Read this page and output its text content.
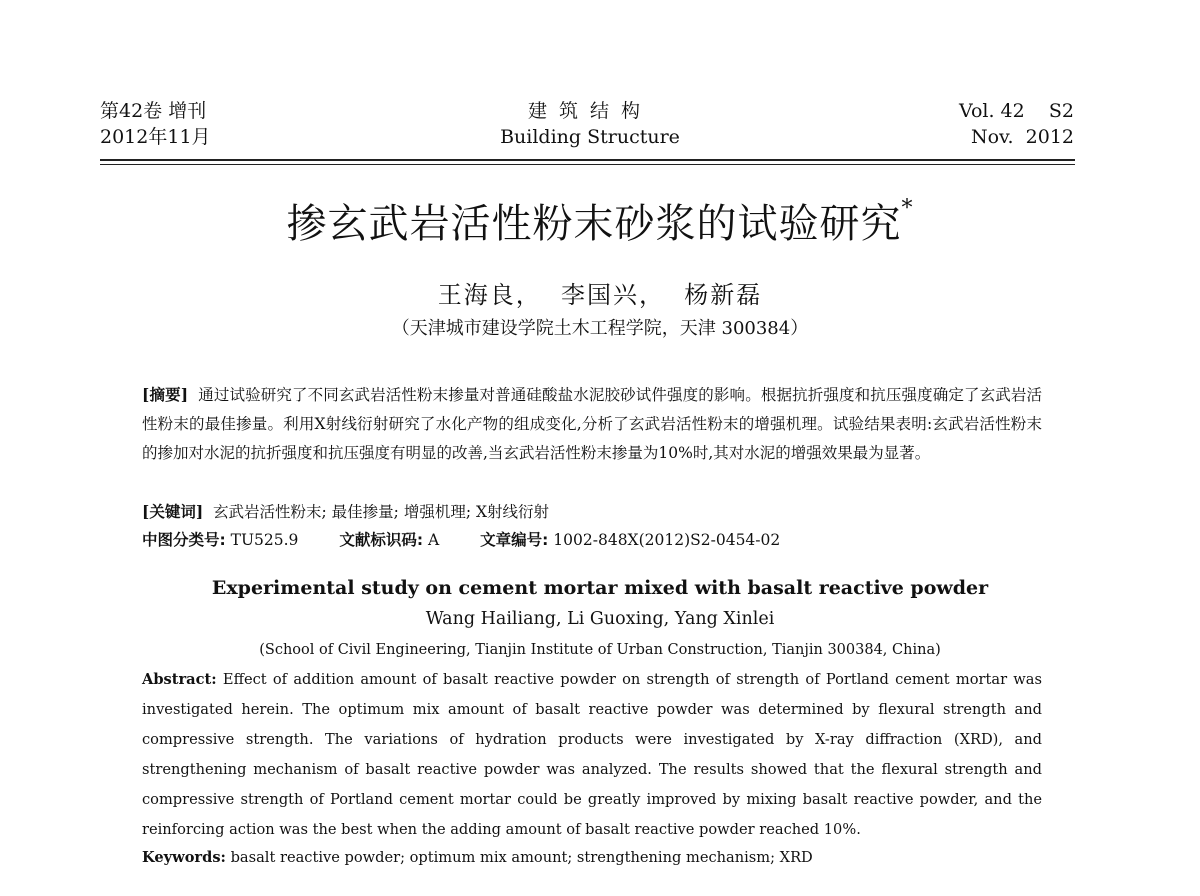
第42卷 增刊
2012年11月
建筑结构
Building Structure
Vol. 42    S2
Nov.  2012
掺玄武岩活性粉末砂浆的试验研究*
王海良，  李国兴，  杨新磊
（天津城市建设学院土木工程学院，天津 300384）
[摘要] 通过试验研究了不同玄武岩活性粉末掺量对普通硅酸盐水泥胶砂试件强度的影响。根据抗折强度和抗压强度确定了玄武岩活性粉末的最佳掺量。利用X射线衍射研究了水化产物的组成变化,分析了玄武岩活性粉末的增强机理。试验结果表明:玄武岩活性粉末的掺加对水泥的抗折强度和抗压强度有明显的改善,当玄武岩活性粉末掺量为10%时,其对水泥的增强效果最为显著。
[关键词] 玄武岩活性粉末; 最佳掺量; 增强机理; X射线衍射
中图分类号: TU525.9	文献标识码: A	文章编号: 1002-848X(2012)S2-0454-02
Experimental study on cement mortar mixed with basalt reactive powder
Wang Hailiang, Li Guoxing, Yang Xinlei
(School of Civil Engineering, Tianjin Institute of Urban Construction, Tianjin 300384, China)
Abstract: Effect of addition amount of basalt reactive powder on strength of strength of Portland cement mortar was investigated herein. The optimum mix amount of basalt reactive powder was determined by flexural strength and compressive strength. The variations of hydration products were investigated by X-ray diffraction (XRD), and strengthening mechanism of basalt reactive powder was analyzed. The results showed that the flexural strength and compressive strength of Portland cement mortar could be greatly improved by mixing basalt reactive powder, and the reinforcing action was the best when the adding amount of basalt reactive powder reached 10%.
Keywords: basalt reactive powder; optimum mix amount; strengthening mechanism; XRD
